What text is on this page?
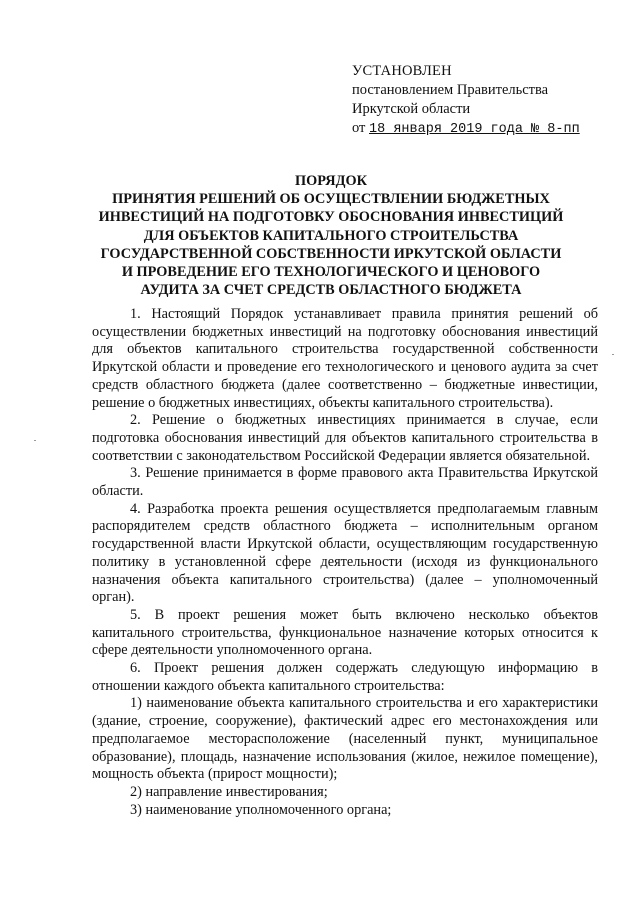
УСТАНОВЛЕН
постановлением Правительства
Иркутской области
от 18 января 2019 года № 8-пп
ПОРЯДОК
ПРИНЯТИЯ РЕШЕНИЙ ОБ ОСУЩЕСТВЛЕНИИ БЮДЖЕТНЫХ
ИНВЕСТИЦИЙ НА ПОДГОТОВКУ ОБОСНОВАНИЯ ИНВЕСТИЦИЙ
ДЛЯ ОБЪЕКТОВ КАПИТАЛЬНОГО СТРОИТЕЛЬСТВА
ГОСУДАРСТВЕННОЙ СОБСТВЕННОСТИ ИРКУТСКОЙ ОБЛАСТИ
И ПРОВЕДЕНИЕ ЕГО ТЕХНОЛОГИЧЕСКОГО И ЦЕНОВОГО
АУДИТА ЗА СЧЕТ СРЕДСТВ ОБЛАСТНОГО БЮДЖЕТА

1. Настоящий Порядок устанавливает правила принятия решений об осуществлении бюджетных инвестиций на подготовку обоснования инвестиций для объектов капитального строительства государственной собственности Иркутской области и проведение его технологического и ценового аудита за счет средств областного бюджета (далее соответственно – бюджетные инвестиции, решение о бюджетных инвестициях, объекты капитального строительства).

2. Решение о бюджетных инвестициях принимается в случае, если подготовка обоснования инвестиций для объектов капитального строительства в соответствии с законодательством Российской Федерации является обязательной.

3. Решение принимается в форме правового акта Правительства Иркутской области.

4. Разработка проекта решения осуществляется предполагаемым главным распорядителем средств областного бюджета – исполнительным органом государственной власти Иркутской области, осуществляющим государственную политику в установленной сфере деятельности (исходя из функционального назначения объекта капитального строительства) (далее – уполномоченный орган).

5. В проект решения может быть включено несколько объектов капитального строительства, функциональное назначение которых относится к сфере деятельности уполномоченного органа.

6. Проект решения должен содержать следующую информацию в отношении каждого объекта капитального строительства:

1) наименование объекта капитального строительства и его характеристики (здание, строение, сооружение), фактический адрес его местонахождения или предполагаемое месторасположение (населенный пункт, муниципальное образование), площадь, назначение использования (жилое, нежилое помещение), мощность объекта (прирост мощности);

2) направление инвестирования;

3) наименование уполномоченного органа;
